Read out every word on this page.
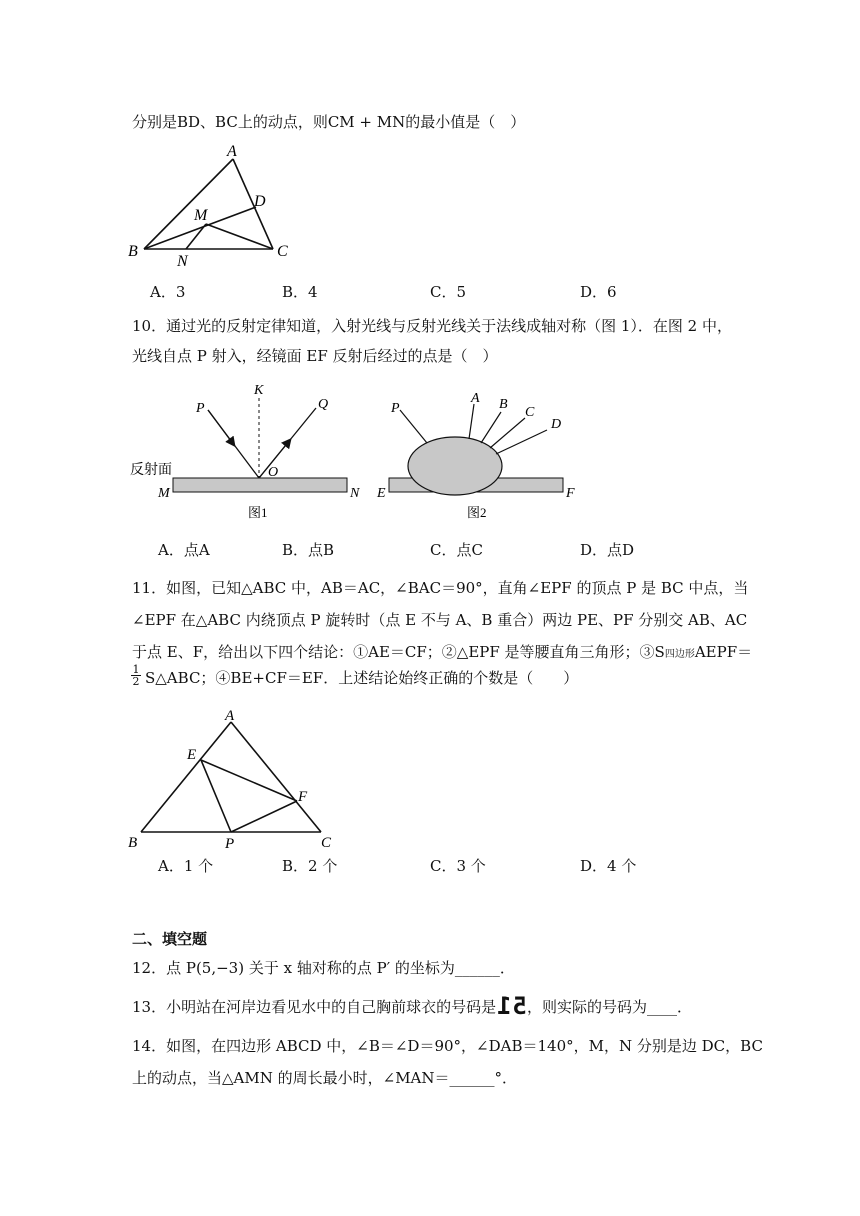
分别是BD、BC上的动点，则CM + MN的最小值是（　）
A
B	C
D
M
N
A．3	B．4	C．5	D．6
10．通过光的反射定律知道，入射光线与反射光线关于法线成轴对称（图 1）．在图 2 中，
光线自点 P 射入，经镜面 EF 反射后经过的点是（　）
P
K
Q
O
M	N
反射面
图1
P
A B
C
D
E	F
图2
A．点A	B．点B	C．点C	D．点D
11．如图，已知△ABC 中，AB＝AC，∠BAC＝90°，直角∠EPF 的顶点 P 是 BC 中点，当
∠EPF 在△ABC 内绕顶点 P 旋转时（点 E 不与 A、B 重合）两边 PE、PF 分别交 AB、AC
于点 E、F，给出以下四个结论：①AE＝CF；②△EPF 是等腰直角三角形；③S四边形AEPF＝
$\frac{1}{2}$ S△ABC；④BE+CF＝EF．上述结论始终正确的个数是（　　）
A
B	C
E
F
P
A．1 个	B．2 个	C．3 个	D．4 个
二、填空题
12．点 P(5,−3) 关于 x 轴对称的点 P′ 的坐标为______．
13．小明站在河岸边看见水中的自己胸前球衣的号码是51，则实际的号码为____．
14．如图，在四边形 ABCD 中，∠B＝∠D＝90°，∠DAB＝140°，M，N 分别是边 DC，BC
上的动点，当△AMN 的周长最小时，∠MAN＝______°．
